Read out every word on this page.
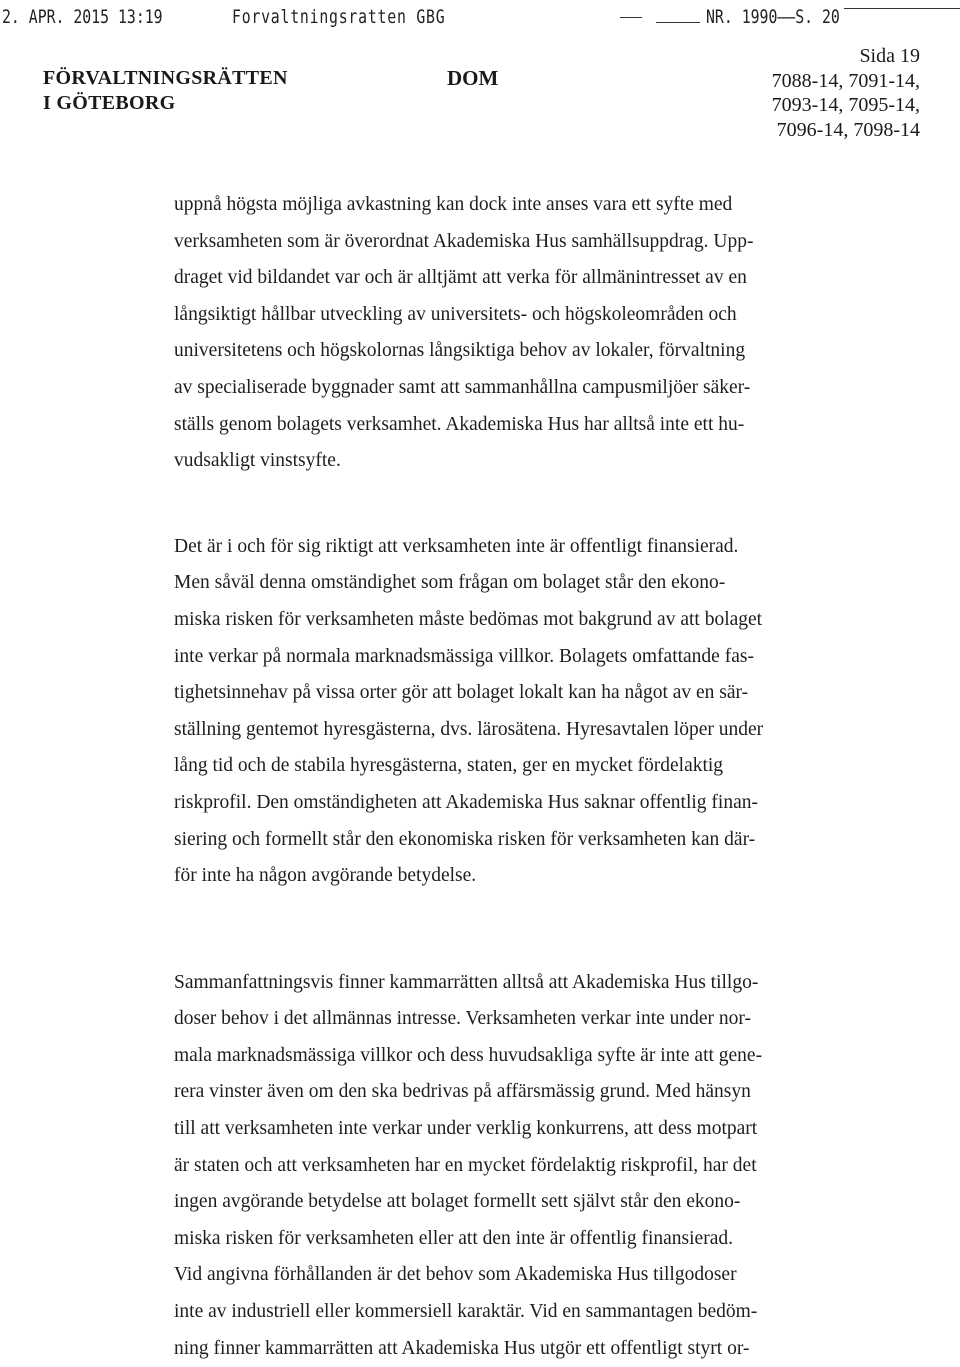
2. APR. 2015 13:19	Forvaltningsratten GBG	NR. 1990——S. 20
FÖRVALTNINGSRÄTTEN
I GÖTEBORG
DOM
Sida 19
7088-14, 7091-14,
7093-14, 7095-14,
7096-14, 7098-14
uppnå högsta möjliga avkastning kan dock inte anses vara ett syfte med
verksamheten som är överordnat Akademiska Hus samhällsuppdrag. Upp-
draget vid bildandet var och är alltjämt att verka för allmänintresset av en
långsiktigt hållbar utveckling av universitets- och högskoleområden och
universitetens och högskolornas långsiktiga behov av lokaler, förvaltning
av specialiserade byggnader samt att sammanhållna campusmiljöer säker-
ställs genom bolagets verksamhet. Akademiska Hus har alltså inte ett hu-
vudsakligt vinstsyfte.
Det är i och för sig riktigt att verksamheten inte är offentligt finansierad.
Men såväl denna omständighet som frågan om bolaget står den ekono-
miska risken för verksamheten måste bedömas mot bakgrund av att bolaget
inte verkar på normala marknadsmässiga villkor. Bolagets omfattande fas-
tighetsinnehav på vissa orter gör att bolaget lokalt kan ha något av en sär-
ställning gentemot hyresgästerna, dvs. lärosätena. Hyresavtalen löper under
lång tid och de stabila hyresgästerna, staten, ger en mycket fördelaktig
riskprofil. Den omständigheten att Akademiska Hus saknar offentlig finan-
siering och formellt står den ekonomiska risken för verksamheten kan där-
för inte ha någon avgörande betydelse.
Sammanfattningsvis finner kammarrätten alltså att Akademiska Hus tillgo-
doser behov i det allmännas intresse. Verksamheten verkar inte under nor-
mala marknadsmässiga villkor och dess huvudsakliga syfte är inte att gene-
rera vinster även om den ska bedrivas på affärsmässig grund. Med hänsyn
till att verksamheten inte verkar under verklig konkurrens, att dess motpart
är staten och att verksamheten har en mycket fördelaktig riskprofil, har det
ingen avgörande betydelse att bolaget formellt sett självt står den ekono-
miska risken för verksamheten eller att den inte är offentlig finansierad.
Vid angivna förhållanden är det behov som Akademiska Hus tillgodoser
inte av industriell eller kommersiell karaktär. Vid en sammantagen bedöm-
ning finner kammarrätten att Akademiska Hus utgör ett offentligt styrt or-
